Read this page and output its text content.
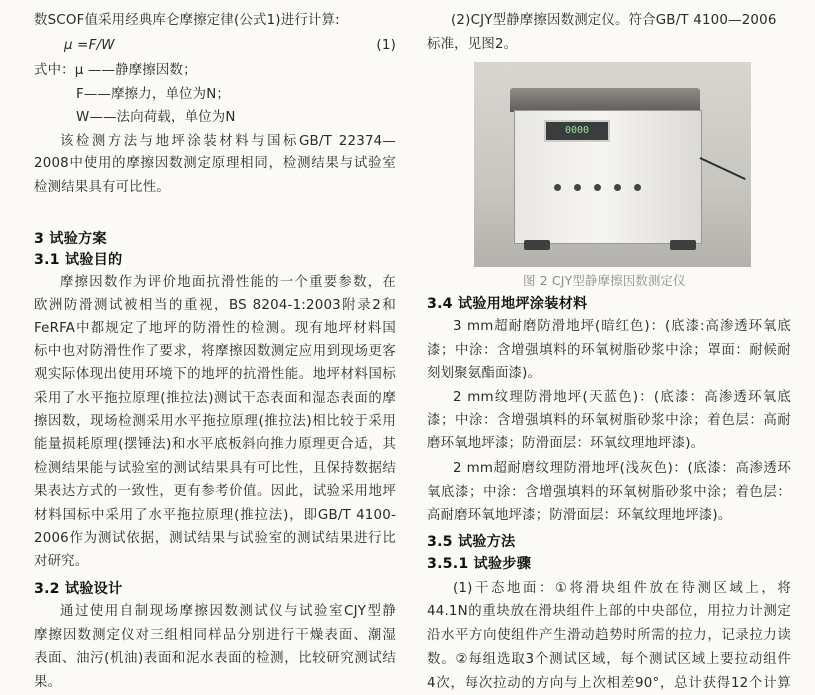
数SCOF值采用经典库仑摩擦定律(公式1)进行计算:
μ =F/W	(1)
式中：μ ——静摩擦因数；
F——摩擦力，单位为N；
W——法向荷载，单位为N
该检测方法与地坪涂装材料与国标GB/T 22374—
2008中使用的摩擦因数测定原理相同，检测结果与试验室
检测结果具有可比性。
3 试验方案
3.1 试验目的
摩擦因数作为评价地面抗滑性能的一个重要参数，在
欧洲防滑测试被相当的重视，BS 8204-1:2003附录2和
FeRFA中都规定了地坪的防滑性的检测。现有地坪材料国
标中也对防滑性作了要求，将摩擦因数测定应用到现场更客
观实际体现出使用环境下的地坪的抗滑性能。地坪材料国标
采用了水平拖拉原理(推拉法)测试干态表面和湿态表面的摩
擦因数，现场检测采用水平拖拉原理(推拉法)相比较于采用
能量损耗原理(摆锤法)和水平底板斜向推力原理更合适，其
检测结果能与试验室的测试结果具有可比性，且保持数据结
果表达方式的一致性，更有参考价值。因此，试验采用地坪
材料国标中采用了水平拖拉原理(推拉法)，即GB/T 4100-
2006作为测试依据，测试结果与试验室的测试结果进行比
对研究。
3.2 试验设计
通过使用自制现场摩擦因数测试仪与试验室CJY型静
摩擦因数测定仪对三组相同样品分别进行干燥表面、潮湿
表面、油污(机油)表面和泥水表面的检测，比较研究测试结
果。
(2)CJY型静摩擦因数测定仪。符合GB/T 4100—2006
标准，见图2。
0000
图 2 CJY型静摩擦因数测定仪
3.4 试验用地坪涂装材料
3 mm超耐磨防滑地坪(暗红色)：(底漆:高渗透环氧底
漆；中涂：含增强填料的环氧树脂砂浆中涂；罩面：耐候耐
刻划聚氨酯面漆)。
2 mm纹理防滑地坪(天蓝色)：(底漆：高渗透环氧底
漆；中涂：含增强填料的环氧树脂砂浆中涂；着色层：高耐
磨环氧地坪漆；防滑面层：环氧纹理地坪漆)。
2 mm超耐磨纹理防滑地坪(浅灰色)：(底漆：高渗透环
氧底漆；中涂：含增强填料的环氧树脂砂浆中涂；着色层：
高耐磨环氧地坪漆；防滑面层：环氧纹理地坪漆)。
3.5 试验方法
3.5.1 试验步骤
(1)干态地面：①将滑块组件放在待测区域上，将
44.1N的重块放在滑块组件上部的中央部位，用拉力计测定
沿水平方向使组件产生滑动趋势时所需的拉力，记录拉力读
数。②每组选取3个测试区域，每个测试区域上要拉动组件
4次，每次拉动的方向与上次相差90°，总计获得12个计算
